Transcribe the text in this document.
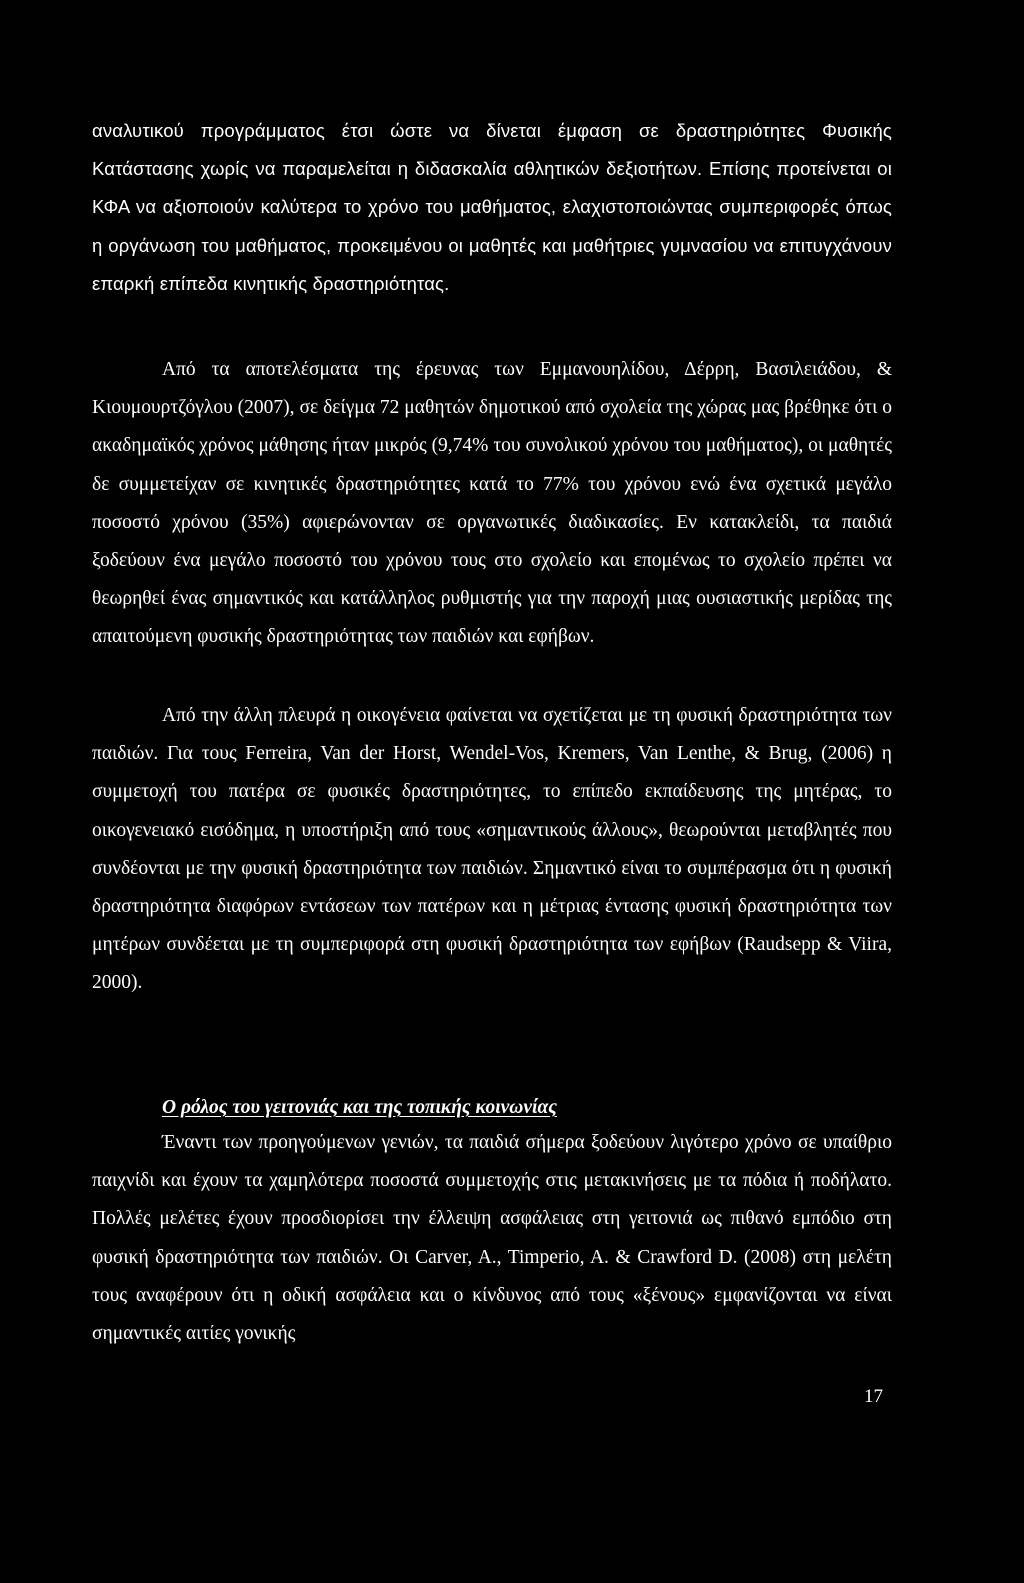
αναλυτικού προγράμματος έτσι ώστε να δίνεται έμφαση σε δραστηριότητες Φυσικής Κατάστασης χωρίς να παραμελείται η διδασκαλία αθλητικών δεξιοτήτων. Επίσης προτείνεται οι ΚΦΑ να αξιοποιούν καλύτερα το χρόνο του μαθήματος, ελαχιστοποιώντας συμπεριφορές όπως η οργάνωση του μαθήματος, προκειμένου οι μαθητές και μαθήτριες γυμνασίου να επιτυγχάνουν επαρκή επίπεδα κινητικής δραστηριότητας.

Από τα αποτελέσματα της έρευνας των Εμμανουηλίδου, Δέρρη, Βασιλειάδου, & Κιουμουρτζόγλου (2007), σε δείγμα 72 μαθητών δημοτικού από σχολεία της χώρας μας βρέθηκε ότι ο ακαδημαϊκός χρόνος μάθησης ήταν μικρός (9,74% του συνολικού χρόνου του μαθήματος), οι μαθητές δε συμμετείχαν σε κινητικές δραστηριότητες κατά το 77% του χρόνου ενώ ένα σχετικά μεγάλο ποσοστό χρόνου (35%) αφιερώνονταν σε οργανωτικές διαδικασίες. Εν κατακλείδι, τα παιδιά ξοδεύουν ένα μεγάλο ποσοστό του χρόνου τους στο σχολείο και επομένως το σχολείο πρέπει να θεωρηθεί ένας σημαντικός και κατάλληλος ρυθμιστής για την παροχή μιας ουσιαστικής μερίδας της απαιτούμενη φυσικής δραστηριότητας των παιδιών και εφήβων.

Από την άλλη πλευρά η οικογένεια φαίνεται να σχετίζεται με τη φυσική δραστηριότητα των παιδιών. Για τους Ferreira, Van der Horst, Wendel-Vos, Kremers, Van Lenthe, & Brug, (2006) η συμμετοχή του πατέρα σε φυσικές δραστηριότητες, το επίπεδο εκπαίδευσης της μητέρας, το οικογενειακό εισόδημα, η υποστήριξη από τους «σημαντικούς άλλους», θεωρούνται μεταβλητές που συνδέονται με την φυσική δραστηριότητα των παιδιών. Σημαντικό είναι το συμπέρασμα ότι η φυσική δραστηριότητα διαφόρων εντάσεων των πατέρων και η μέτριας έντασης φυσική δραστηριότητα των μητέρων συνδέεται με τη συμπεριφορά στη φυσική δραστηριότητα των εφήβων (Raudsepp & Viira, 2000).

Ο ρόλος του γειτονιάς και της τοπικής κοινωνίας

Έναντι των προηγούμενων γενιών, τα παιδιά σήμερα ξοδεύουν λιγότερο χρόνο σε υπαίθριο παιχνίδι και έχουν τα χαμηλότερα ποσοστά συμμετοχής στις μετακινήσεις με τα πόδια ή ποδήλατο. Πολλές μελέτες έχουν προσδιορίσει την έλλειψη ασφάλειας στη γειτονιά ως πιθανό εμπόδιο στη φυσική δραστηριότητα των παιδιών. Οι Carver, A., Timperio, A. & Crawford D. (2008) στη μελέτη τους αναφέρουν ότι η οδική ασφάλεια και ο κίνδυνος από τους «ξένους» εμφανίζονται να είναι σημαντικές αιτίες γονικής

17
